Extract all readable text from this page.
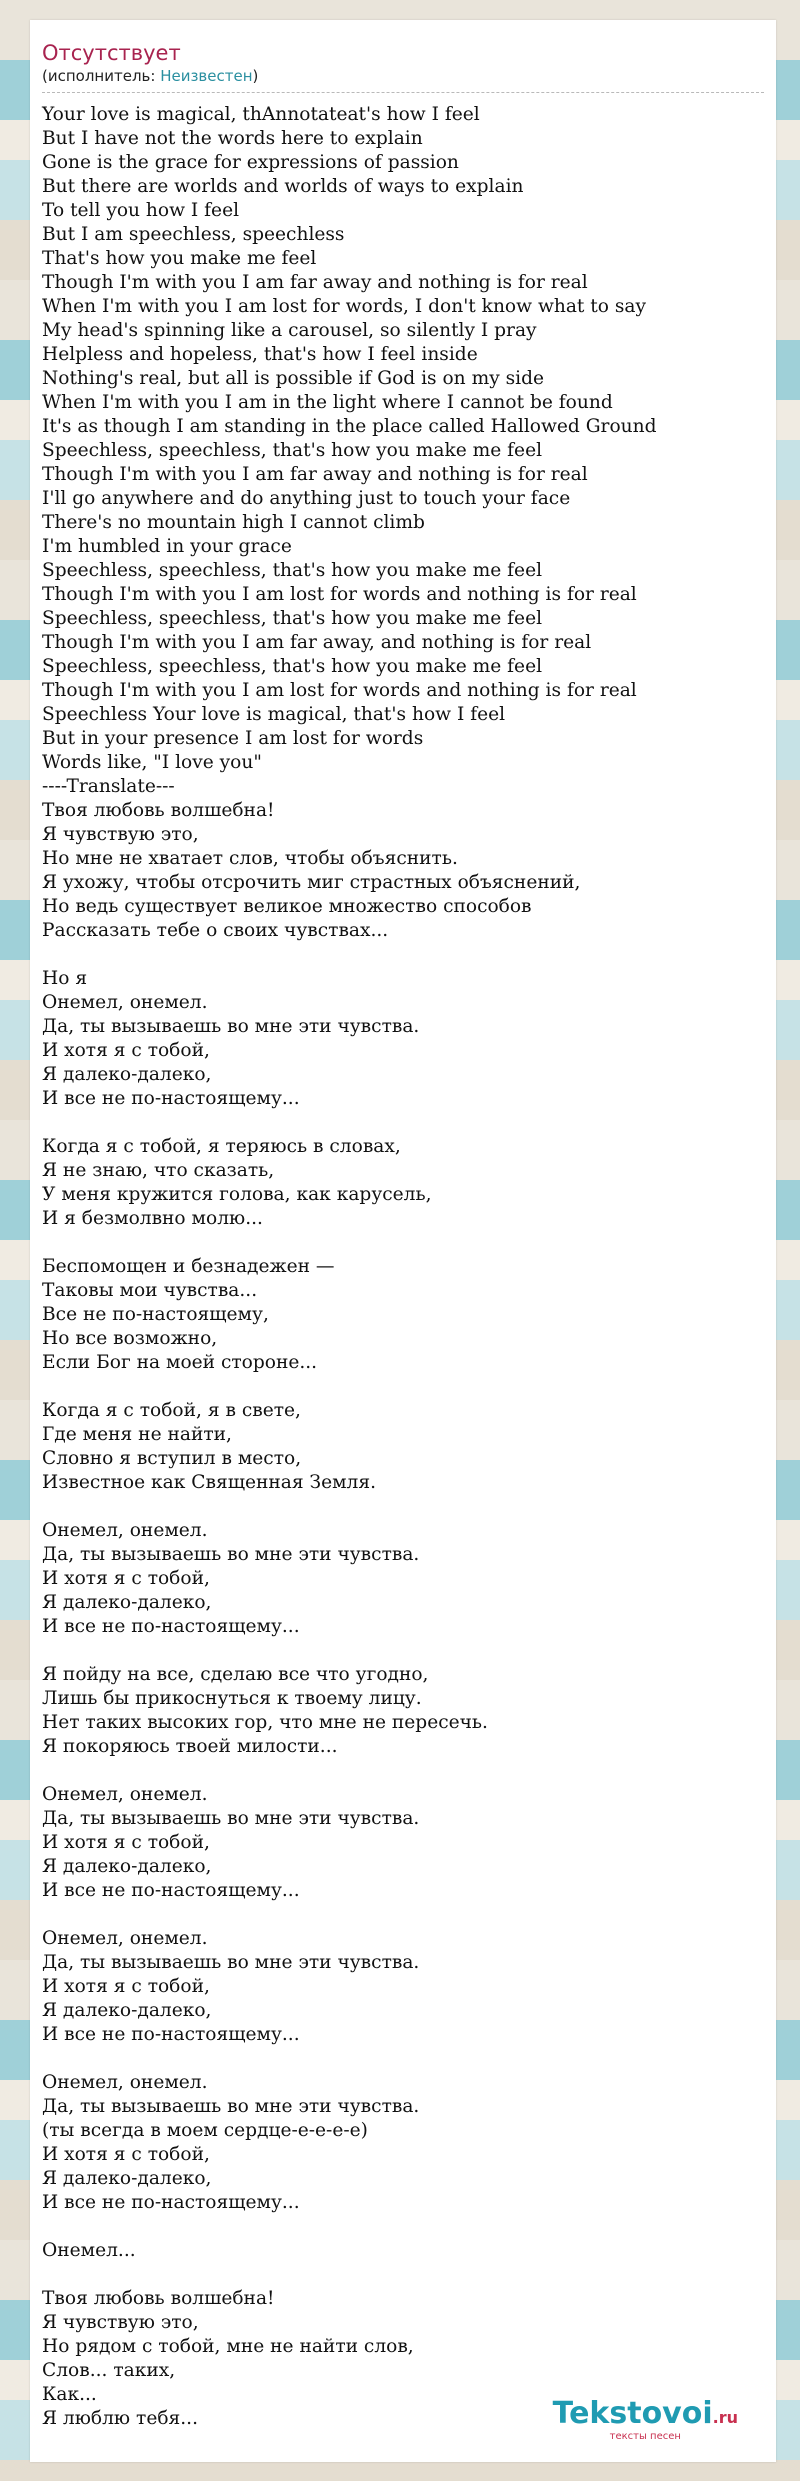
Отсутствует
(исполнитель: Неизвестен)
Your love is magical, thAnnotateat's how I feel
But I have not the words here to explain
Gone is the grace for expressions of passion
But there are worlds and worlds of ways to explain
To tell you how I feel
But I am speechless, speechless
That's how you make me feel
Though I'm with you I am far away and nothing is for real
When I'm with you I am lost for words, I don't know what to say
My head's spinning like a carousel, so silently I pray
Helpless and hopeless, that's how I feel inside
Nothing's real, but all is possible if God is on my side
When I'm with you I am in the light where I cannot be found
It's as though I am standing in the place called Hallowed Ground
Speechless, speechless, that's how you make me feel
Though I'm with you I am far away and nothing is for real
I'll go anywhere and do anything just to touch your face
There's no mountain high I cannot climb
I'm humbled in your grace
Speechless, speechless, that's how you make me feel
Though I'm with you I am lost for words and nothing is for real
Speechless, speechless, that's how you make me feel
Though I'm with you I am far away, and nothing is for real
Speechless, speechless, that's how you make me feel
Though I'm with you I am lost for words and nothing is for real
Speechless Your love is magical, that's how I feel
But in your presence I am lost for words
Words like, "I love you"
----Translate---
Твоя любовь волшебна!
Я чувствую это,
Но мне не хватает слов, чтобы объяснить.
Я ухожу, чтобы отсрочить миг страстных объяснений,
Но ведь существует великое множество способов
Рассказать тебе о своих чувствах...
Но я
Онемел, онемел.
Да, ты вызываешь во мне эти чувства.
И хотя я с тобой,
Я далеко-далеко,
И все не по-настоящему...
Когда я с тобой, я теряюсь в словах,
Я не знаю, что сказать,
У меня кружится голова, как карусель,
И я безмолвно молю...
Беспомощен и безнадежен —
Таковы мои чувства...
Все не по-настоящему,
Но все возможно,
Если Бог на моей стороне...
Когда я с тобой, я в свете,
Где меня не найти,
Словно я вступил в место,
Известное как Священная Земля.
Онемел, онемел.
Да, ты вызываешь во мне эти чувства.
И хотя я с тобой,
Я далеко-далеко,
И все не по-настоящему...
Я пойду на все, сделаю все что угодно,
Лишь бы прикоснуться к твоему лицу.
Нет таких высоких гор, что мне не пересечь.
Я покоряюсь твоей милости...
Онемел, онемел.
Да, ты вызываешь во мне эти чувства.
И хотя я с тобой,
Я далеко-далеко,
И все не по-настоящему...
Онемел, онемел.
Да, ты вызываешь во мне эти чувства.
И хотя я с тобой,
Я далеко-далеко,
И все не по-настоящему...
Онемел, онемел.
Да, ты вызываешь во мне эти чувства.
(ты всегда в моем сердце-е-е-е-е)
И хотя я с тобой,
Я далеко-далеко,
И все не по-настоящему...
Онемел...
Твоя любовь волшебна!
Я чувствую это,
Но рядом с тобой, мне не найти слов,
Слов... таких,
Как...
Я люблю тебя...	Tekstovoi.ru
тексты песен
